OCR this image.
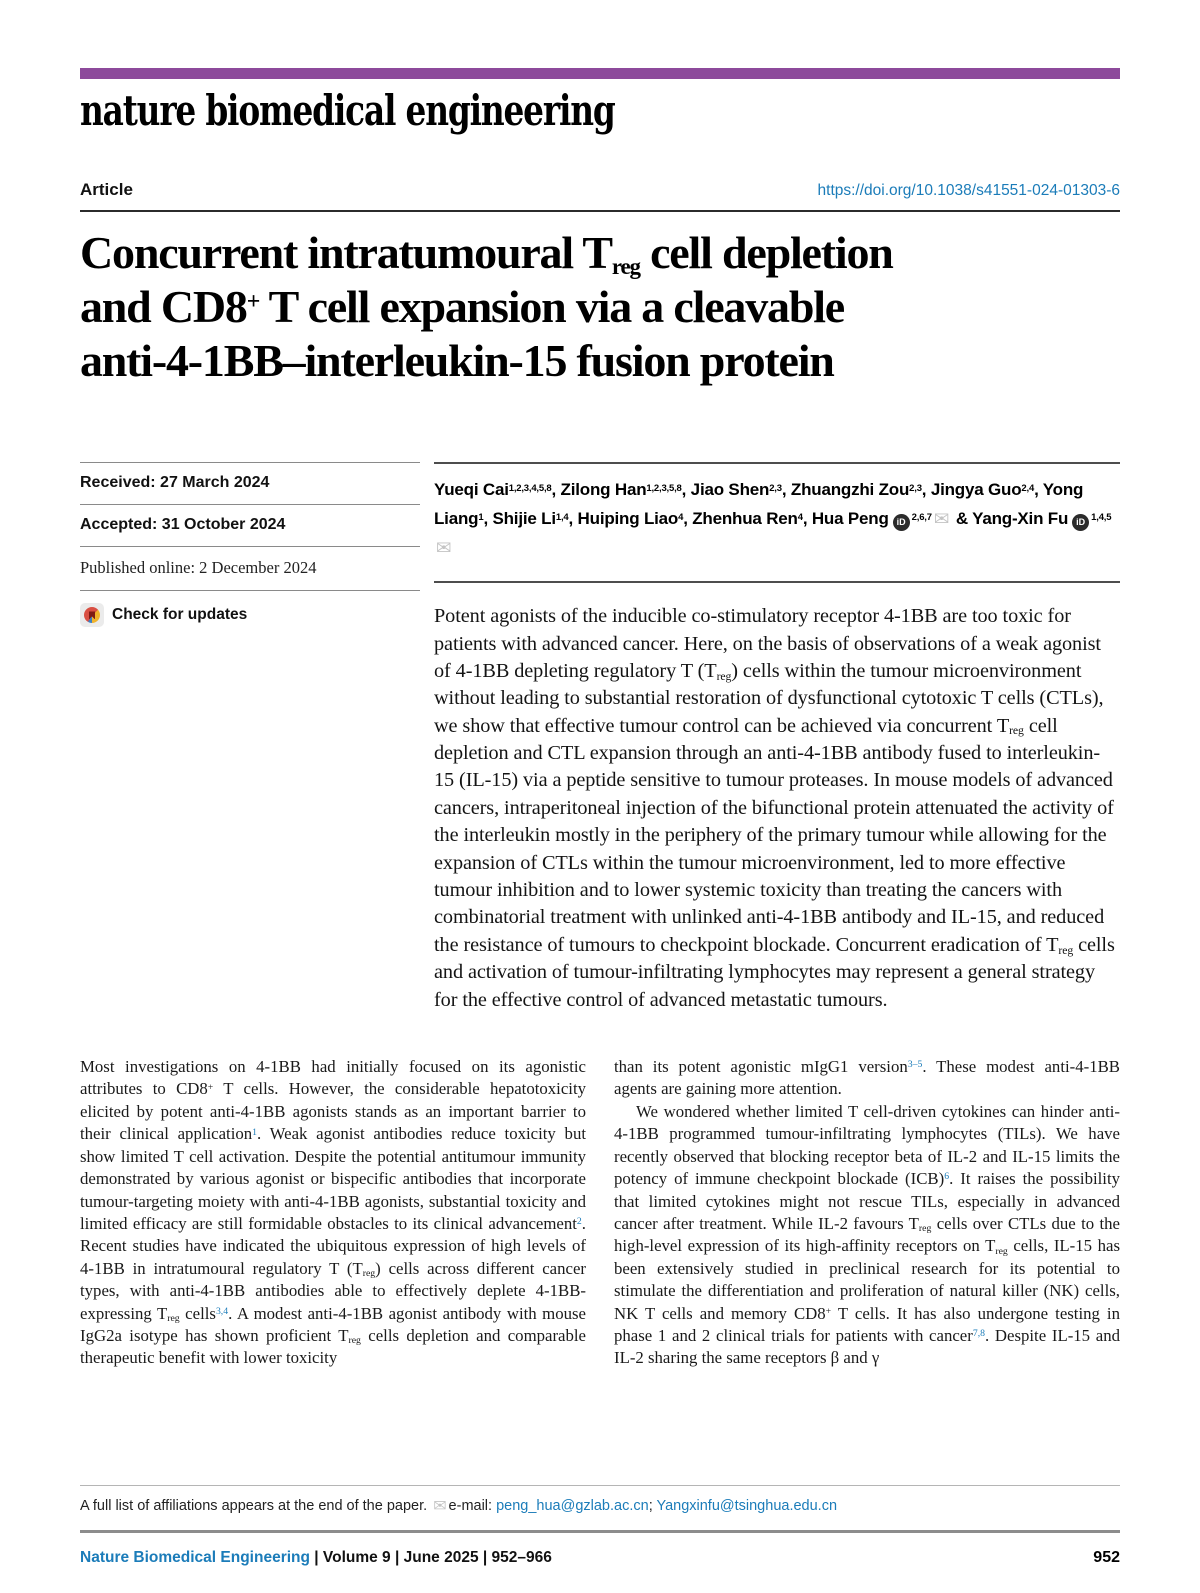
nature biomedical engineering
Article	https://doi.org/10.1038/s41551-024-01303-6
Concurrent intratumoural Treg cell depletion
and CD8+ T cell expansion via a cleavable
anti-4-1BB–interleukin-15 fusion protein
Received: 27 March 2024
Accepted: 31 October 2024
Published online: 2 December 2024
Check for updates
Yueqi Cai$^{1,2,3,4,5,8}$, Zilong Han$^{1,2,3,5,8}$, Jiao Shen$^{2,3}$, Zhuangzhi Zou$^{2,3}$, Jingya Guo$^{2,4}$, Yong Liang$^1$, Shijie Li$^{1,4}$, Huiping Liao$^4$, Zhenhua Ren$^4$, Hua Peng iD $^{2,6,7}$ ✉ & Yang-Xin Fu iD $^{1,4,5}$✉

Potent agonists of the inducible co-stimulatory receptor 4-1BB are too toxic for patients with advanced cancer. Here, on the basis of observations of a weak agonist of 4-1BB depleting regulatory T (Treg) cells within the tumour microenvironment without leading to substantial restoration of dysfunctional cytotoxic T cells (CTLs), we show that effective tumour control can be achieved via concurrent Treg cell depletion and CTL expansion through an anti-4-1BB antibody fused to interleukin-15 (IL-15) via a peptide sensitive to tumour proteases. In mouse models of advanced cancers, intraperitoneal injection of the bifunctional protein attenuated the activity of the interleukin mostly in the periphery of the primary tumour while allowing for the expansion of CTLs within the tumour microenvironment, led to more effective tumour inhibition and to lower systemic toxicity than treating the cancers with combinatorial treatment with unlinked anti-4-1BB antibody and IL-15, and reduced the resistance of tumours to checkpoint blockade. Concurrent eradication of Treg cells and activation of tumour-infiltrating lymphocytes may represent a general strategy for the effective control of advanced metastatic tumours.

Most investigations on 4-1BB had initially focused on its agonistic attributes to CD8+ T cells. However, the considerable hepatotoxicity elicited by potent anti-4-1BB agonists stands as an important barrier to their clinical application$^1$. Weak agonist antibodies reduce toxicity but show limited T cell activation. Despite the potential antitumour immunity demonstrated by various agonist or bispecific antibodies that incorporate tumour-targeting moiety with anti-4-1BB agonists, substantial toxicity and limited efficacy are still formidable obstacles to its clinical advancement$^2$. Recent studies have indicated the ubiquitous expression of high levels of 4-1BB in intratumoural regulatory T (Treg) cells across different cancer types, with anti-4-1BB antibodies able to effectively deplete 4-1BB-expressing Treg cells$^{3,4}$. A modest anti-4-1BB agonist antibody with mouse IgG2a isotype has shown proficient Treg cells depletion and comparable therapeutic benefit with lower toxicity

than its potent agonistic mIgG1 version$^{3-5}$. These modest anti-4-1BB agents are gaining more attention.

We wondered whether limited T cell-driven cytokines can hinder anti-4-1BB programmed tumour-infiltrating lymphocytes (TILs). We have recently observed that blocking receptor beta of IL-2 and IL-15 limits the potency of immune checkpoint blockade (ICB)$^6$. It raises the possibility that limited cytokines might not rescue TILs, especially in advanced cancer after treatment. While IL-2 favours Treg cells over CTLs due to the high-level expression of its high-affinity receptors on Treg cells, IL-15 has been extensively studied in preclinical research for its potential to stimulate the differentiation and proliferation of natural killer (NK) cells, NK T cells and memory CD8+ T cells. It has also undergone testing in phase 1 and 2 clinical trials for patients with cancer$^{7,8}$. Despite IL-15 and IL-2 sharing the same receptors β and γ

A full list of affiliations appears at the end of the paper. ✉ e-mail: peng_hua@gzlab.ac.cn; Yangxinfu@tsinghua.edu.cn
Nature Biomedical Engineering | Volume 9 | June 2025 | 952–966	952
